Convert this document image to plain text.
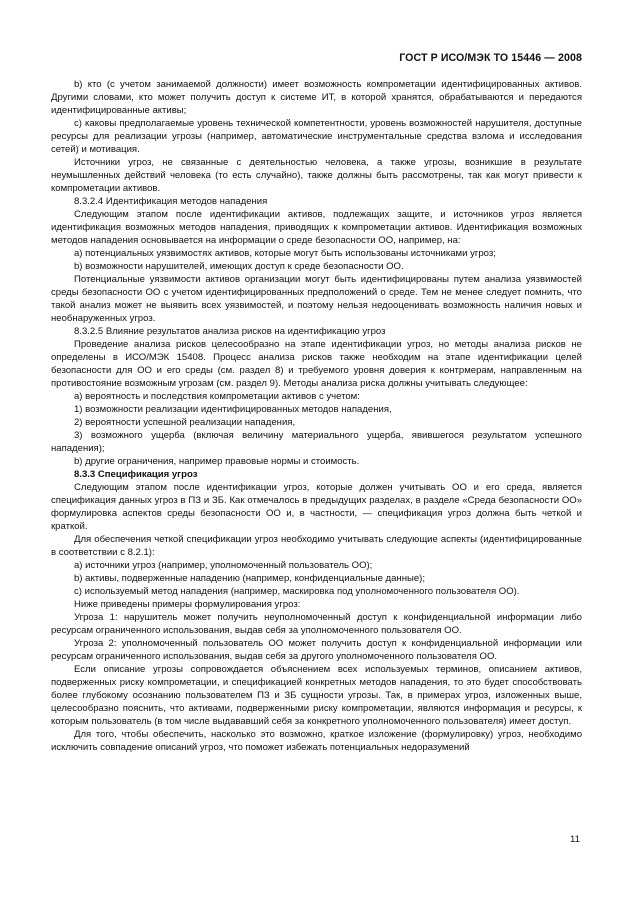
ГОСТ Р ИСО/МЭК ТО 15446 — 2008

b) кто (с учетом занимаемой должности) имеет возможность компрометации идентифицированных активов. Другими словами, кто может получить доступ к системе ИТ, в которой хранятся, обрабатываются и передаются идентифицированные активы;

c) каковы предполагаемые уровень технической компетентности, уровень возможностей нарушителя, доступные ресурсы для реализации угрозы (например, автоматические инструментальные средства взлома и исследования сетей) и мотивация.

Источники угроз, не связанные с деятельностью человека, а также угрозы, возникшие в результате неумышленных действий человека (то есть случайно), также должны быть рассмотрены, так как могут привести к компрометации активов.

8.3.2.4 Идентификация методов нападения

Следующим этапом после идентификации активов, подлежащих защите, и источников угроз является идентификация возможных методов нападения, приводящих к компрометации активов. Идентификация возможных методов нападения основывается на информации о среде безопасности ОО, например, на:

a) потенциальных уязвимостях активов, которые могут быть использованы источниками угроз;

b) возможности нарушителей, имеющих доступ к среде безопасности ОО.

Потенциальные уязвимости активов организации могут быть идентифицированы путем анализа уязвимостей среды безопасности ОО с учетом идентифицированных предположений о среде. Тем не менее следует помнить, что такой анализ может не выявить всех уязвимостей, и поэтому нельзя недооценивать возможность наличия новых и необнаруженных угроз.

8.3.2.5 Влияние результатов анализа рисков на идентификацию угроз

Проведение анализа рисков целесообразно на этапе идентификации угроз, но методы анализа рисков не определены в ИСО/МЭК 15408. Процесс анализа рисков также необходим на этапе идентификации целей безопасности для ОО и его среды (см. раздел 8) и требуемого уровня доверия к контрмерам, направленным на противостояние возможным угрозам (см. раздел 9). Методы анализа риска должны учитывать следующее:

a) вероятность и последствия компрометации активов с учетом:

1) возможности реализации идентифицированных методов нападения,

2) вероятности успешной реализации нападения,

3) возможного ущерба (включая величину материального ущерба, явившегося результатом успешного нападения);

b) другие ограничения, например правовые нормы и стоимость.

8.3.3 Спецификация угроз

Следующим этапом после идентификации угроз, которые должен учитывать ОО и его среда, является спецификация данных угроз в ПЗ и ЗБ. Как отмечалось в предыдущих разделах, в разделе «Среда безопасности ОО» формулировка аспектов среды безопасности ОО и, в частности, — спецификация угроз должна быть четкой и краткой.

Для обеспечения четкой спецификации угроз необходимо учитывать следующие аспекты (идентифицированные в соответствии с 8.2.1):

a) источники угроз (например, уполномоченный пользователь ОО);

b) активы, подверженные нападению (например, конфиденциальные данные);

c) используемый метод нападения (например, маскировка под уполномоченного пользователя ОО).

Ниже приведены примеры формулирования угроз:

Угроза 1: нарушитель может получить неуполномоченный доступ к конфиденциальной информации либо ресурсам ограниченного использования, выдав себя за уполномоченного пользователя ОО.

Угроза 2: уполномоченный пользователь ОО может получить доступ к конфиденциальной информации или ресурсам ограниченного использования, выдав себя за другого уполномоченного пользователя ОО.

Если описание угрозы сопровождается объяснением всех используемых терминов, описанием активов, подверженных риску компрометации, и спецификацией конкретных методов нападения, то это будет способствовать более глубокому осознанию пользователем ПЗ и ЗБ сущности угрозы. Так, в примерах угроз, изложенных выше, целесообразно пояснить, что активами, подверженными риску компрометации, являются информация и ресурсы, к которым пользователь (в том числе выдававший себя за конкретного уполномоченного пользователя) имеет доступ.

Для того, чтобы обеспечить, насколько это возможно, краткое изложение (формулировку) угроз, необходимо исключить совпадение описаний угроз, что поможет избежать потенциальных недоразумений

11
